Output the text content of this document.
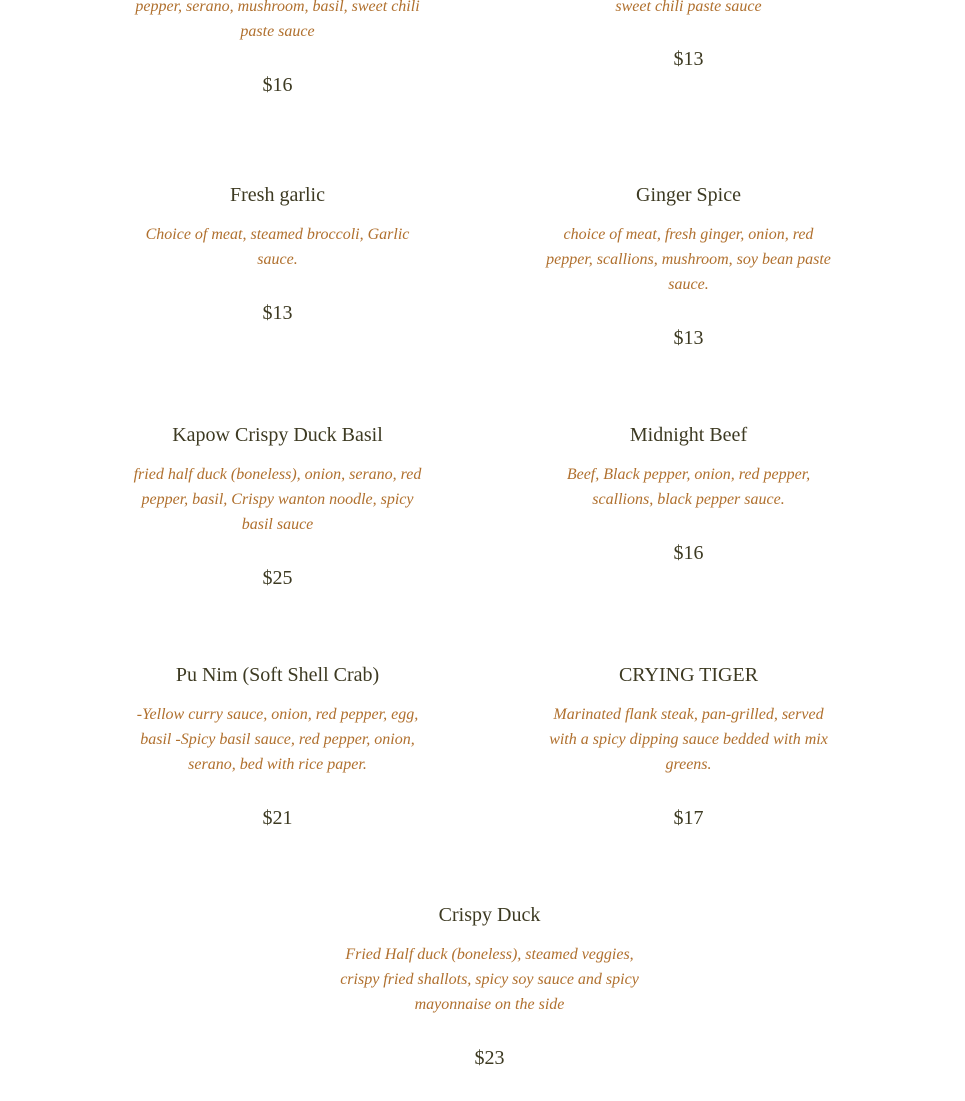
pepper, serano, mushroom, basil, sweet chili
paste sauce
$16
sweet chili paste sauce
$13
Fresh garlic
Choice of meat, steamed broccoli, Garlic
sauce.
$13
Ginger Spice
choice of meat, fresh ginger, onion, red
pepper, scallions, mushroom, soy bean paste
sauce.
$13
Kapow Crispy Duck Basil
fried half duck (boneless), onion, serano, red
pepper, basil, Crispy wanton noodle, spicy
basil sauce
$25
Midnight Beef
Beef, Black pepper, onion, red pepper,
scallions, black pepper sauce.
$16
Pu Nim (Soft Shell Crab)
-Yellow curry sauce, onion, red pepper, egg,
basil -Spicy basil sauce, red pepper, onion,
serano, bed with rice paper.
$21
CRYING TIGER
Marinated flank steak, pan-grilled, served
with a spicy dipping sauce bedded with mix
greens.
$17
Crispy Duck
Fried Half duck (boneless), steamed veggies,
crispy fried shallots, spicy soy sauce and spicy
mayonnaise on the side
$23
